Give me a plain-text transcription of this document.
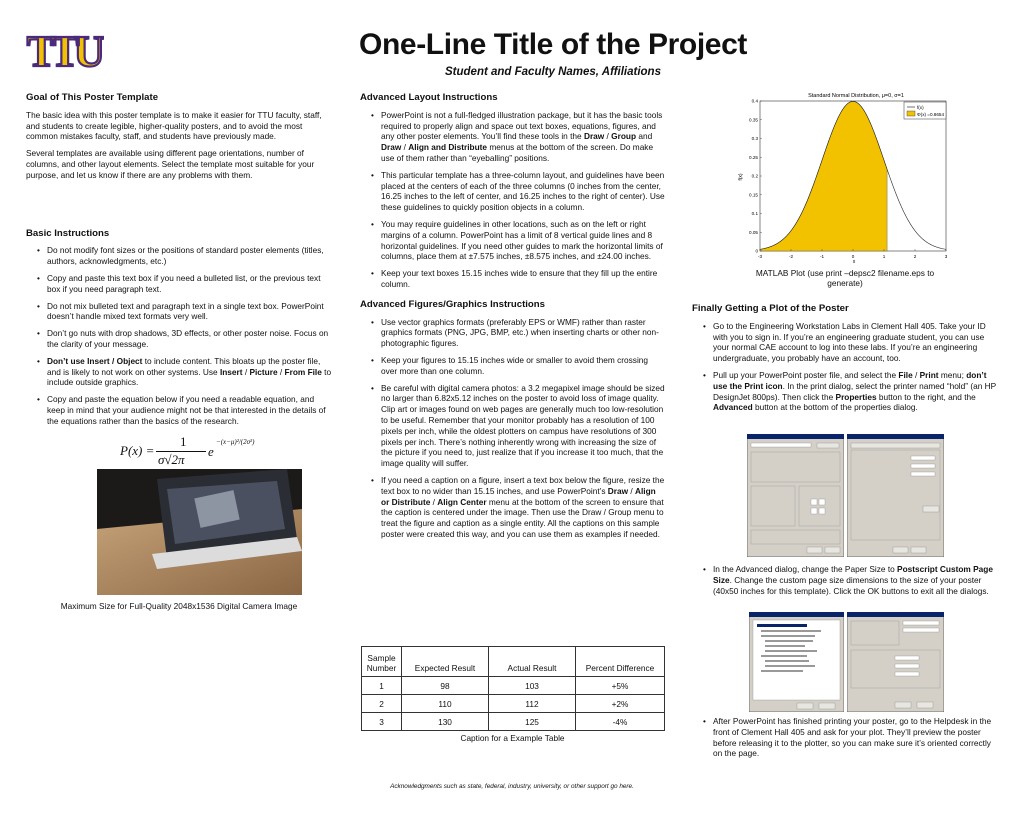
TTU	One-Line Title of the Project
Student and Faculty Names, Affiliations
Goal of This Poster Template

The basic idea with this poster template is to make it easier for TTU faculty, staff, and students to create legible, higher-quality posters, and to avoid the most common mistakes faculty, staff, and students have previously made.

Several templates are available using different page orientations, number of columns, and other layout elements. Select the template most suitable for your purpose, and let us know if there are any problems with them.

Basic Instructions
• Do not modify font sizes or the positions of standard poster elements (titles, authors, acknowledgments, etc.)
• Copy and paste this text box if you need a bulleted list, or the previous text box if you need paragraph text.
• Do not mix bulleted text and paragraph text in a single text box. PowerPoint doesn’t handle mixed text formats very well.
• Don’t go nuts with drop shadows, 3D effects, or other poster noise. Focus on the clarity of your message.
• Don’t use Insert / Object to include content. This bloats up the poster file, and is likely to not work on other systems. Use Insert / Picture / From File to include outside graphics.
• Copy and paste the equation below if you need a readable equation, and keep in mind that your audience might not be that interested in the details of the equations rather than the basics of the research.
P(x) =
1
σ√2π
e
−(x−μ)²/(2σ²)
Maximum Size for Full-Quality 2048x1536 Digital Camera Image
Advanced Layout Instructions
• PowerPoint is not a full-fledged illustration package, but it has the basic tools required to properly align and space out text boxes, equations, figures, and any other poster elements. You’ll find these tools in the Draw / Group and Draw / Align and Distribute menus at the bottom of the screen. Do make use of them rather than “eyeballing” positions.
• This particular template has a three-column layout, and guidelines have been placed at the centers of each of the three columns (0 inches from the center, 16.25 inches to the left of center, and 16.25 inches to the right of center). Use these guidelines to quickly position objects in a column.
• You may require guidelines in other locations, such as on the left or right margins of a column. PowerPoint has a limit of 8 vertical guide lines and 8 horizontal guidelines. If you need other guides to mark the horizontal limits of columns, place them at ±7.575 inches, ±8.575 inches, and ±24.00 inches.
• Keep your text boxes 15.15 inches wide to ensure that they fill up the entire column.
Advanced Figures/Graphics Instructions
• Use vector graphics formats (preferably EPS or WMF) rather than raster graphics formats (PNG, JPG, BMP, etc.) when inserting charts or other non-photographic figures.
• Keep your figures to 15.15 inches wide or smaller to avoid them crossing over more than one column.
• Be careful with digital camera photos: a 3.2 megapixel image should be sized no larger than 6.82x5.12 inches on the poster to avoid loss of image quality. Clip art or images found on web pages are generally much too low-resolution to be useful. Remember that your monitor probably has a resolution of 100 pixels per inch, while the oldest plotters on campus have resolutions of 300 pixels per inch. There’s nothing inherently wrong with increasing the size of the picture if you need to, just realize that if you increase it too much, that the image quality will suffer.
• If you need a caption on a figure, insert a text box below the figure, resize the text box to no wider than 15.15 inches, and use PowerPoint’s Draw / Align or Distribute / Align Center menu at the bottom of the screen to ensure that the caption is centered under the image. Then use the Draw / Group menu to treat the figure and caption as a single entity. All the captions on this sample poster were created this way, and you can use them as examples if needed.
Sample Number	Expected Result	Actual Result	Percent Difference
1	98	103	+5%
2	110	112	+2%
3	130	125	-4%
Caption for a Example Table
Standard Normal Distribution, μ=0, σ=1
-3	-2	-1	0	1	2	3
0
0.05
0.1
0.15
0.2
0.25
0.3
0.35
0.4
f(x)
x
f(x)
Φ(x) =0.8654
MATLAB Plot (use print –depsc2 filename.eps to generate)
Finally Getting a Plot of the Poster
• Go to the Engineering Workstation Labs in Clement Hall 405. Take your ID with you to sign in. If you’re an engineering graduate student, you can use your normal CAE account to log into these labs. If you’re an engineering undergraduate, you probably have an account, too.
• Pull up your PowerPoint poster file, and select the File / Print menu; don’t use the Print icon. In the print dialog, select the printer named “hold” (an HP DesignJet 800ps). Then click the Properties button to the right, and the Advanced button at the bottom of the properties dialog.
• In the Advanced dialog, change the Paper Size to Postscript Custom Page Size. Change the custom page size dimensions to the size of your poster (40x50 inches for this template). Click the OK buttons to exit all the dialogs.
• After PowerPoint has finished printing your poster, go to the Helpdesk in the front of Clement Hall 405 and ask for your plot. They’ll preview the poster before releasing it to the plotter, so you can make sure it’s oriented correctly on the page.
Acknowledgments such as state, federal, industry, university, or other support go here.
